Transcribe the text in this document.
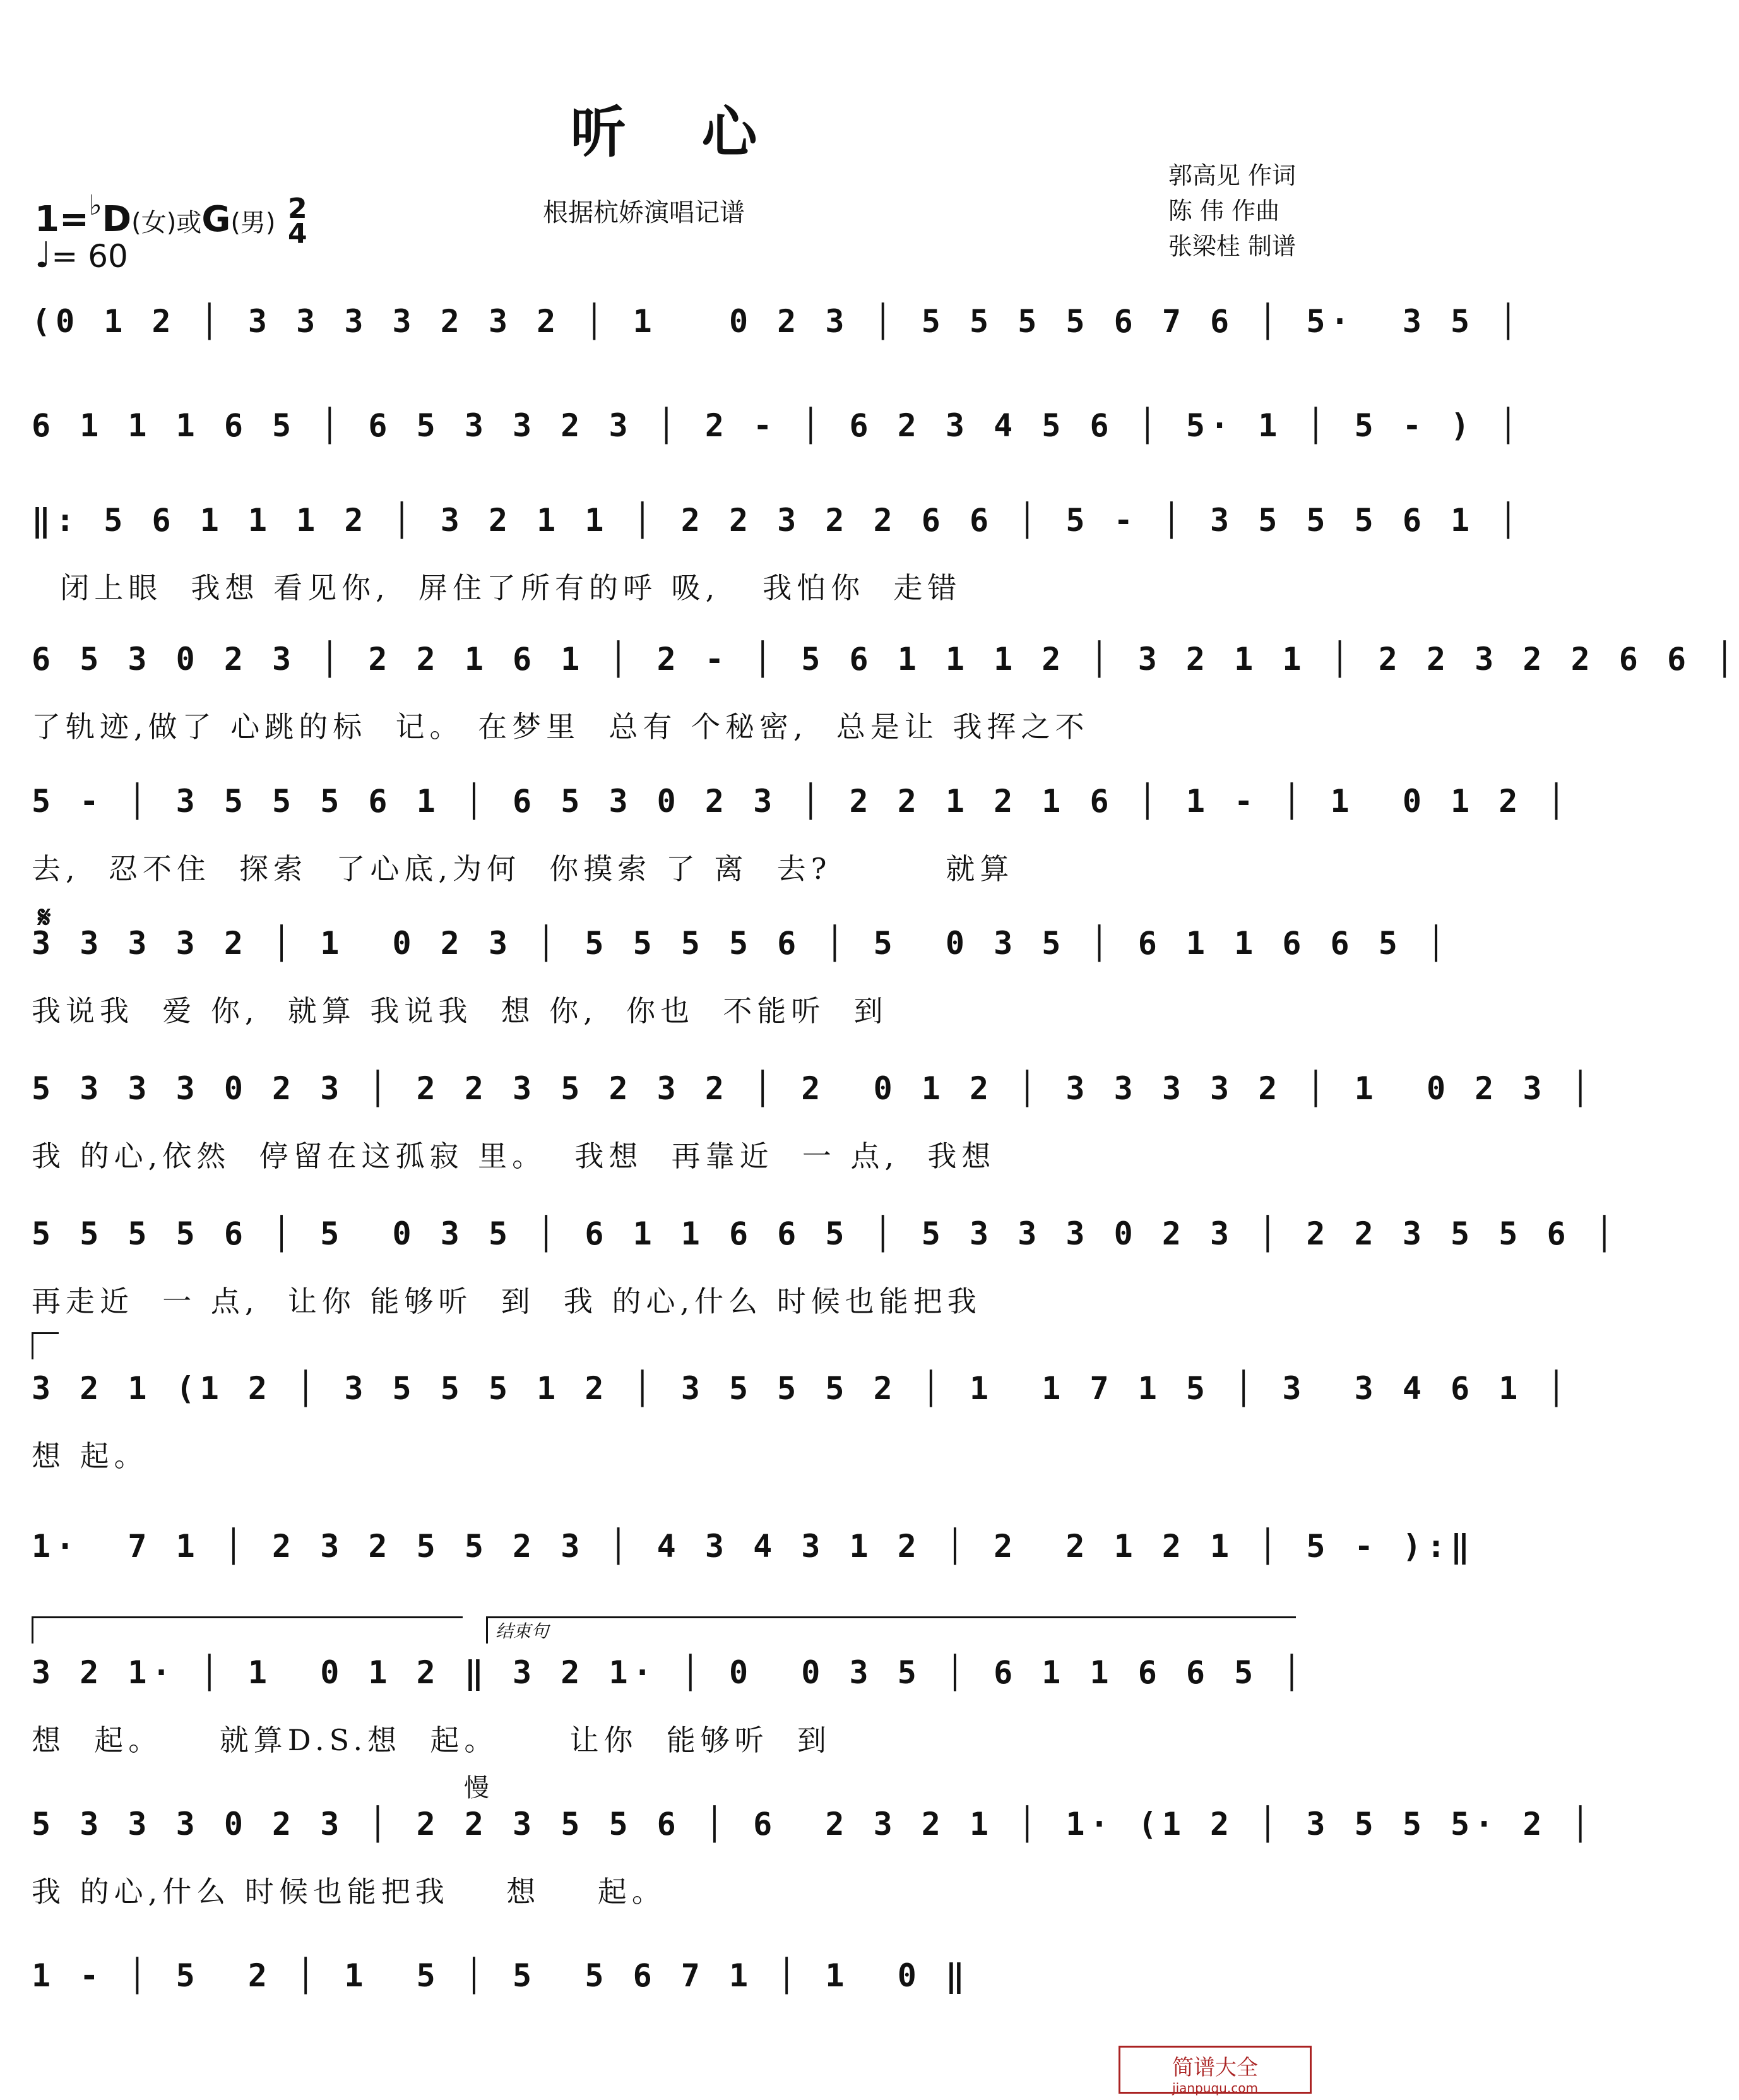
听心
1=♭D(女)或G(男) 2
4
♩= 60
根据杭娇演唱记谱
郭高见 作词
陈 伟 作曲
张梁桂 制谱
(0 1 2 │ 3 3 3 3 2 3 2 │ 1   0 2 3 │ 5 5 5 5 6 7 6 │ 5·  3 5 │
6 1 1 1 6 5 │ 6 5 3 3 2 3 │ 2 - │ 6 2 3 4 5 6 │ 5· 1 │ 5 - ) │
‖: 5 6 1 1 1 2 │ 3 2 1 1 │ 2 2 3 2 2 6 6 │ 5 - │ 3 5 5 5 6 1 │
闭上眼  我想 看见你,  屏住了所有的呼 吸,   我怕你  走错
6 5 3 0 2 3 │ 2 2 1 6 1 │ 2 - │ 5 6 1 1 1 2 │ 3 2 1 1 │ 2 2 3 2 2 6 6 │
了轨迹,做了 心跳的标  记。 在梦里  总有 个秘密,  总是让 我挥之不
5 - │ 3 5 5 5 6 1 │ 6 5 3 0 2 3 │ 2 2 1 2 1 6 │ 1 - │ 1  0 1 2 │
去,  忍不住  探索  了心底,为何  你摸索 了 离  去?        就算
𝄋
3 3 3 3 2 │ 1  0 2 3 │ 5 5 5 5 6 │ 5  0 3 5 │ 6 1 1 6 6 5 │
我说我  爱 你,  就算 我说我  想 你,  你也  不能听  到
5 3 3 3 0 2 3 │ 2 2 3 5 2 3 2 │ 2  0 1 2 │ 3 3 3 3 2 │ 1  0 2 3 │
我 的心,依然  停留在这孤寂 里。  我想  再靠近  一 点,  我想
5 5 5 5 6 │ 5  0 3 5 │ 6 1 1 6 6 5 │ 5 3 3 3 0 2 3 │ 2 2 3 5 5 6 │
再走近  一 点,  让你 能够听  到  我 的心,什么 时候也能把我
3 2 1 (1 2 │ 3 5 5 5 1 2 │ 3 5 5 5 2 │ 1  1 7 1 5 │ 3  3 4 6 1 │
想 起。
1·  7 1 │ 2 3 2 5 5 2 3 │ 4 3 4 3 1 2 │ 2  2 1 2 1 │ 5 - ):‖
结束句
3 2 1· │ 1  0 1 2 ‖ 3 2 1· │ 0  0 3 5 │ 6 1 1 6 6 5 │
想  起。    就算D.S.想  起。     让你  能够听  到
慢
5 3 3 3 0 2 3 │ 2 2 3 5 5 6 │ 6  2 3 2 1 │ 1· (1 2 │ 3 5 5 5· 2 │
我 的心,什么 时候也能把我    想    起。
1 - │ 5  2 │ 1  5 │ 5  5 6 7 1 │ 1  0 ‖
简谱大全
jianpuqu.com
